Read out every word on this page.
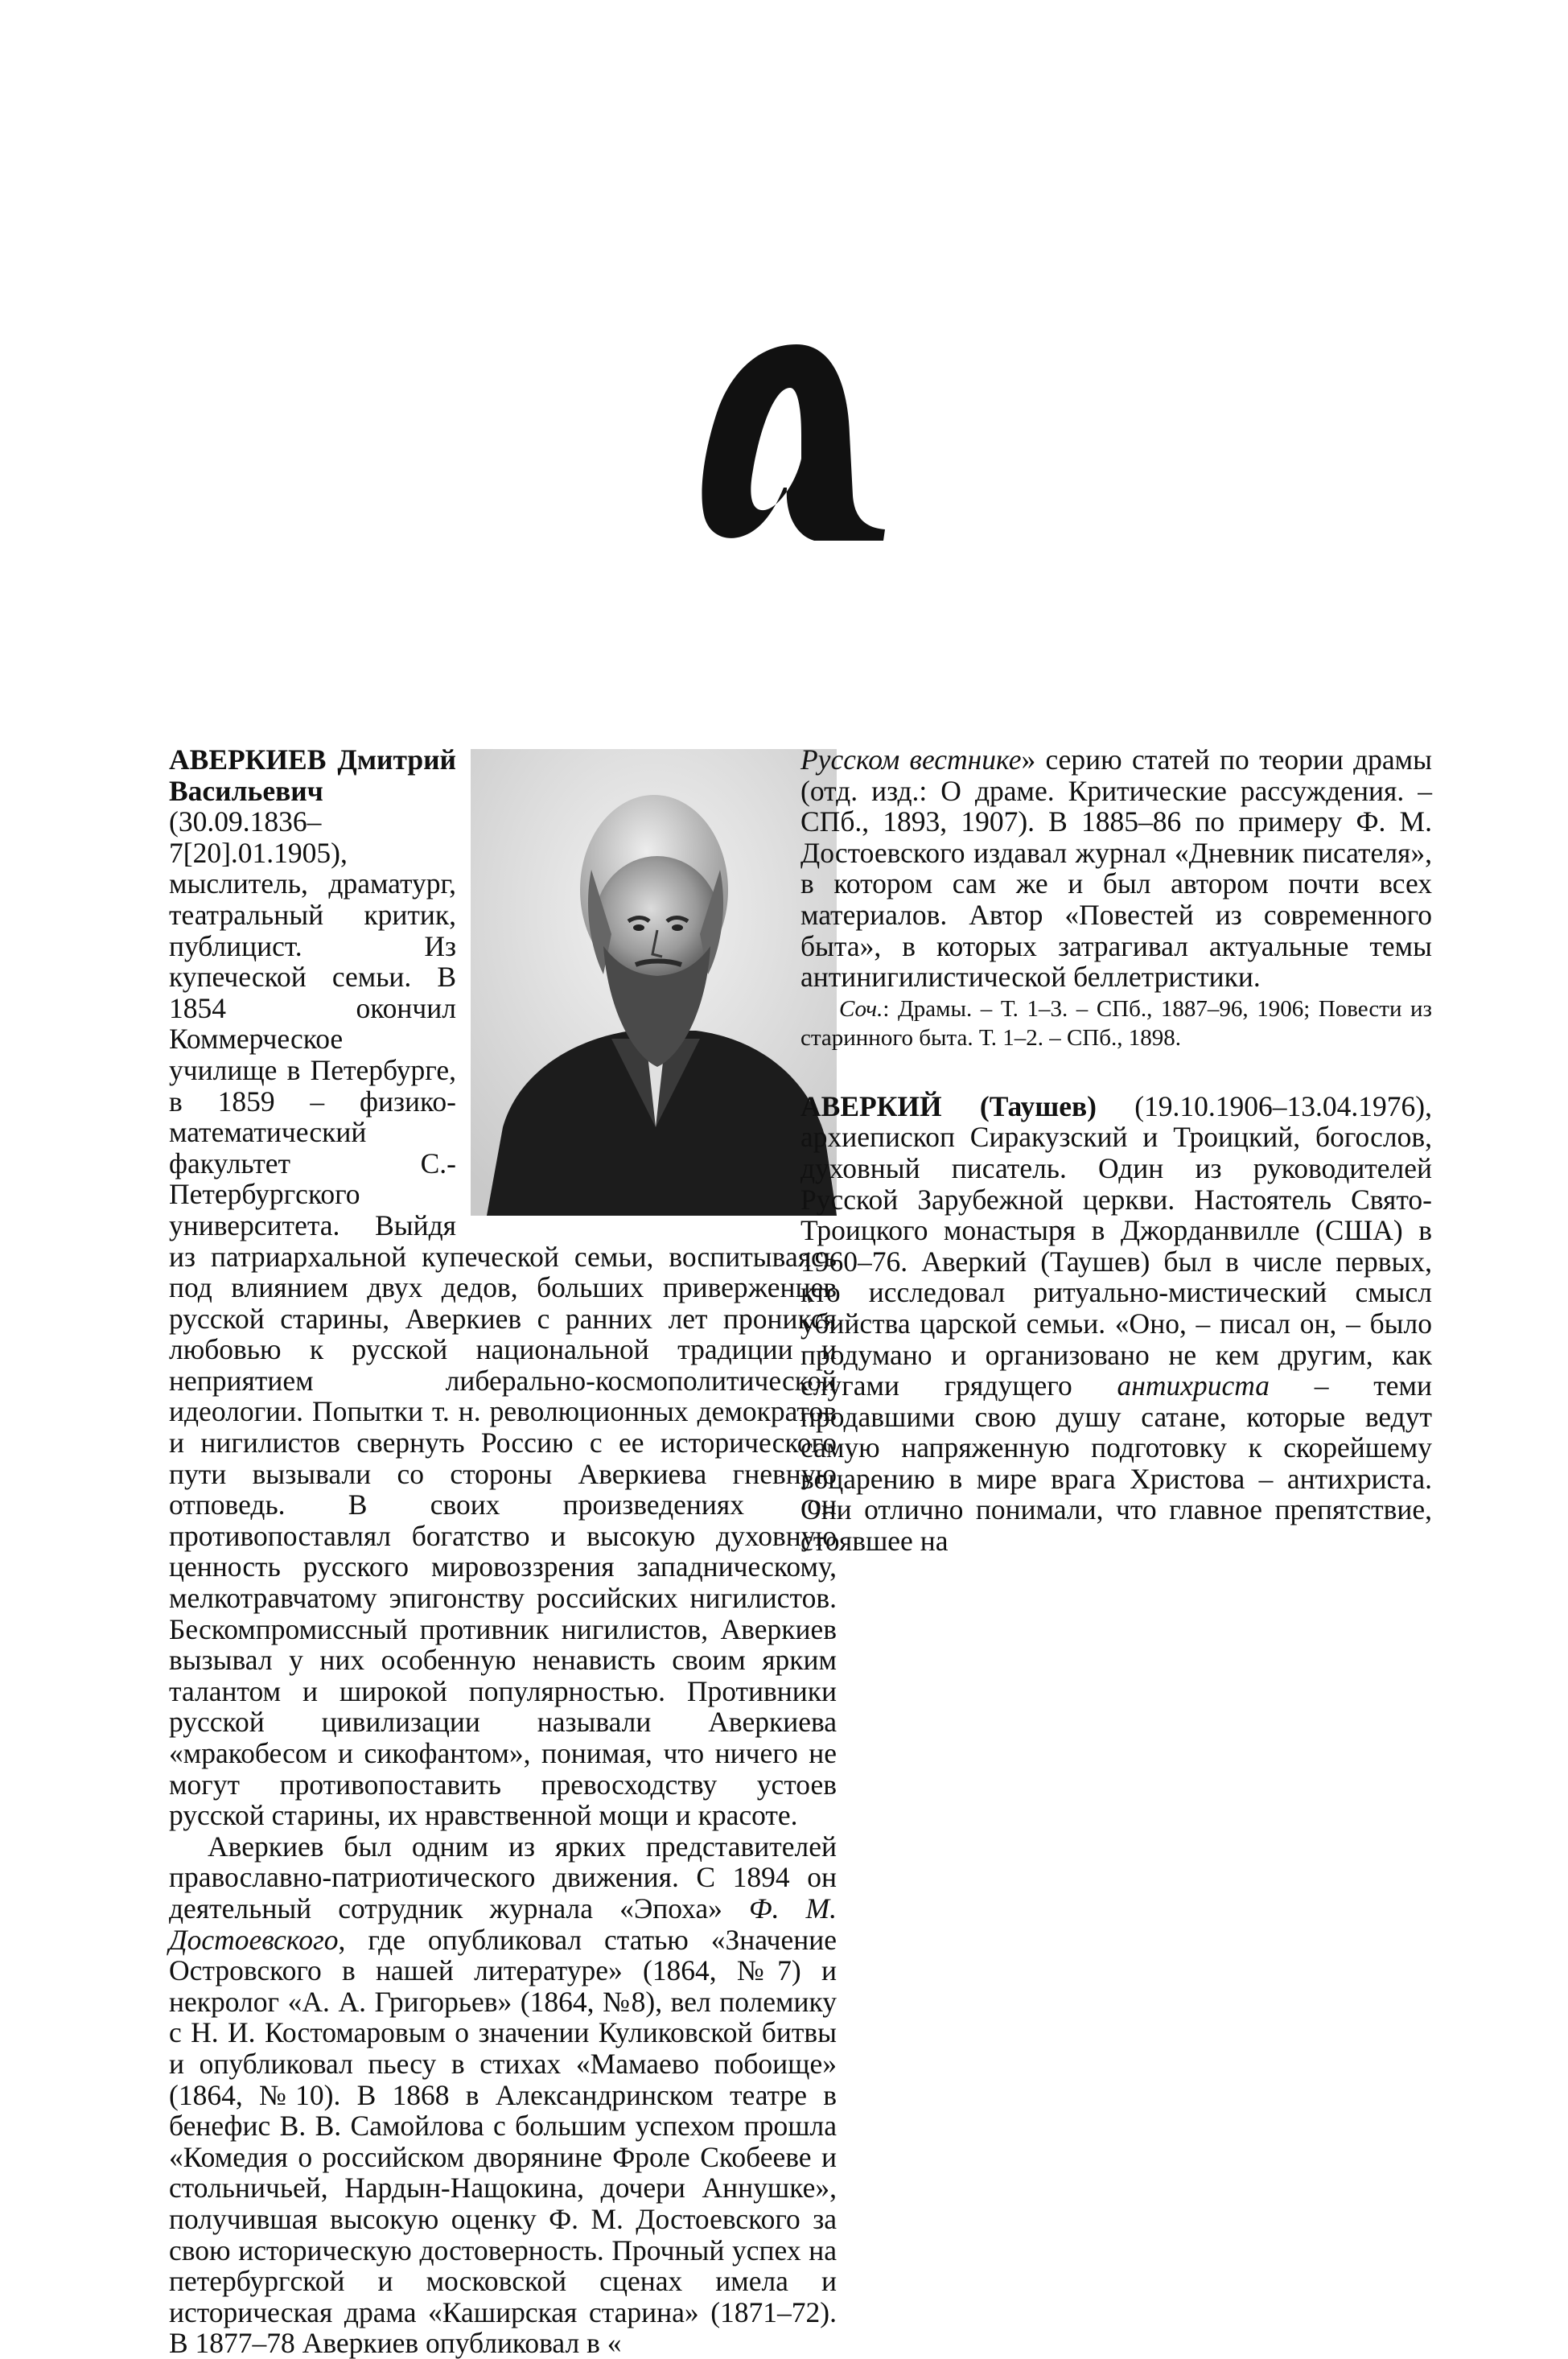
АВЕРКИЕВ Дмитрий Васильевич (30.09.1836–7[20].01.1905), мыслитель, драматург, театральный критик, публицист. Из купеческой семьи. В 1854 окончил Коммерческое училище в Петербурге, в 1859 – физико-математический факультет С.-Петербургского университета. Выйдя из патриархальной купеческой семьи, воспитываясь под влиянием двух дедов, больших приверженцев русской старины, Аверкиев с ранних лет проникся любовью к русской национальной традиции и неприятием либерально-космополитической идеологии. Попытки т. н. революционных демократов и нигилистов свернуть Россию с ее исторического пути вызывали со стороны Аверкиева гневную отповедь. В своих произведениях он противопоставлял богатство и высокую духовную ценность русского мировоззрения западническому, мелкотравчатому эпигонству российских нигилистов. Бескомпромиссный противник нигилистов, Аверкиев вызывал у них особенную ненависть своим ярким талантом и широкой популярностью. Противники русской цивилизации называли Аверкиева «мракобесом и сикофантом», понимая, что ничего не могут противопоставить превосходству устоев русской старины, их нравственной мощи и красоте.

Аверкиев был одним из ярких представителей православно-патриотического движения. С 1894 он деятельный сотрудник журнала «Эпоха» Ф. М. Достоевского, где опубликовал статью «Значение Островского в нашей литературе» (1864, №7) и некролог «А. А. Григорьев» (1864, №8), вел полемику с Н. И. Костомаровым о значении Куликовской битвы и опубликовал пьесу в стихах «Мамаево побоище» (1864, №10). В 1868 в Александринском театре в бенефис В. В. Самойлова с большим успехом прошла «Комедия о российском дворянине Фроле Скобееве и стольничьей, Нардын-Нащокина, дочери Аннушке», получившая высокую оценку Ф. М. Достоевского за свою историческую достоверность. Прочный успех на петербургской и московской сценах имела и историческая драма «Каширская старина» (1871–72). В 1877–78 Аверкиев опубликовал в «

Русском вестнике» серию статей по теории драмы (отд. изд.: О драме. Критические рассуждения. – СПб., 1893, 1907). В 1885–86 по примеру Ф. М. Достоевского издавал журнал «Дневник писателя», в котором сам же и был автором почти всех материалов. Автор «Повестей из современного быта», в которых затрагивал актуальные темы антинигилистической беллетристики.

Соч.: Драмы. – Т. 1–3. – СПб., 1887–96, 1906; Повести из старинного быта. Т. 1–2. – СПб., 1898.

АВЕРКИЙ (Таушев) (19.10.1906–13.04.1976), архиепископ Сиракузский и Троицкий, богослов, духовный писатель. Один из руководителей Русской Зарубежной церкви. Настоятель Свято-Троицкого монастыря в Джорданвилле (США) в 1960–76. Аверкий (Таушев) был в числе первых, кто исследовал ритуально-мистический смысл убийства царской семьи. «Оно, – писал он, – было продумано и организовано не кем другим, как слугами грядущего антихриста – теми продавшими свою душу сатане, которые ведут самую напряженную подготовку к скорейшему воцарению в мире врага Христова – антихриста. Они отлично понимали, что главное препятствие, стоявшее на
